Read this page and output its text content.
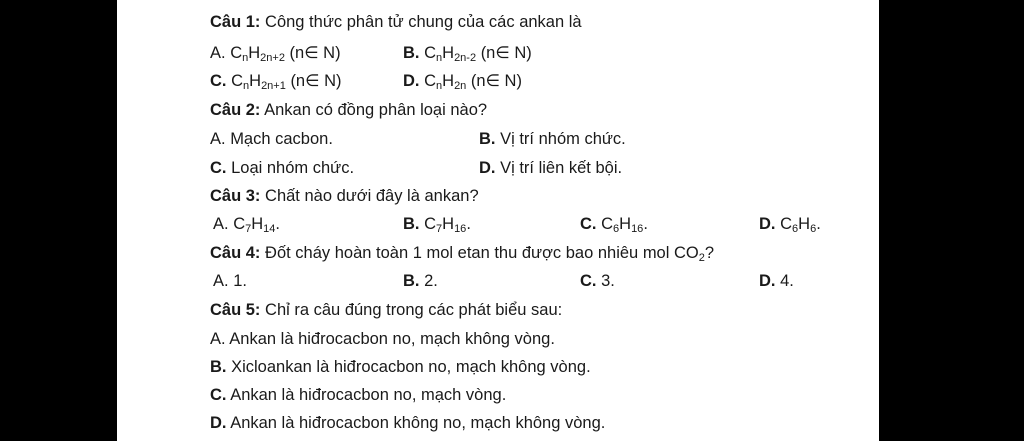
Câu 1: Công thức phân tử chung của các ankan là
A. $C_nH_{2n+2}$ (n∈ N)	B. $C_nH_{2n-2}$ (n∈ N)
C. $C_nH_{2n+1}$ (n∈ N)	D. $C_nH_{2n}$ (n∈ N)
Câu 2: Ankan có đồng phân loại nào?
A. Mạch cacbon.	B. Vị trí nhóm chức.
C. Loại nhóm chức.	D. Vị trí liên kết bội.
Câu 3: Chất nào dưới đây là ankan?
A. $C_7H_{14}$.	B. $C_7H_{16}$.	C. $C_6H_{16}$.	D. $C_6H_6$.
Câu 4: Đốt cháy hoàn toàn 1 mol etan thu được bao nhiêu mol $CO_2$?
A. 1.	B. 2.	C. 3.	D. 4.
Câu 5: Chỉ ra câu đúng trong các phát biểu sau:
A. Ankan là hiđrocacbon no, mạch không vòng.
B. Xicloankan là hiđrocacbon no, mạch không vòng.
C. Ankan là hiđrocacbon no, mạch vòng.
D. Ankan là hiđrocacbon không no, mạch không vòng.
